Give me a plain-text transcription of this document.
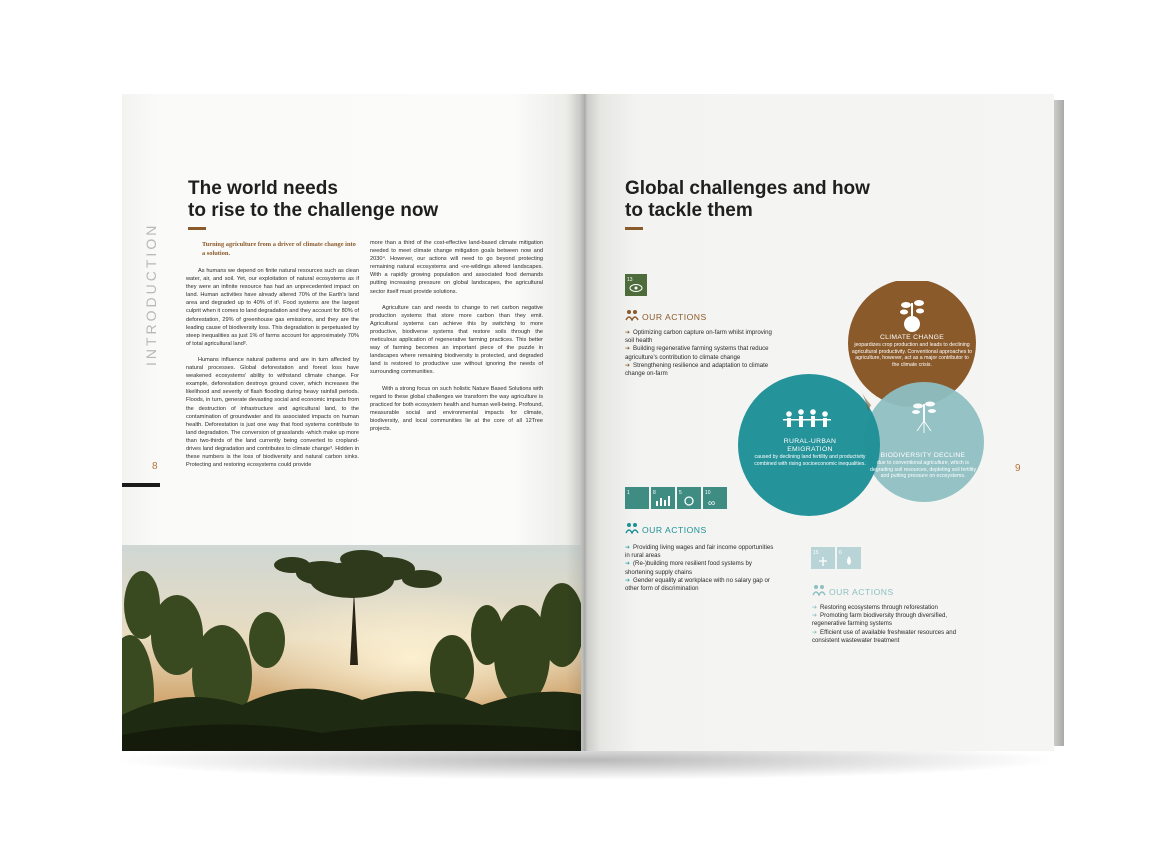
The world needs
to rise to the challenge now
INTRODUCTION
8
Turning agriculture from a driver of climate change into a solution.

As humans we depend on finite natural resources such as clean water, air, and soil. Yet, our exploitation of natural ecosystems as if they were an infinite resource has had an unprecedented impact on land. Human activities have already altered 70% of the Earth's land area and degraded up to 40% of it¹. Food systems are the largest culprit when it comes to land degradation and they account for 80% of deforestation, 29% of greenhouse gas emissions, and they are the leading cause of biodiversity loss. This degradation is perpetuated by steep inequalities as just 1% of farms account for approximately 70% of total agricultural land².

Humans influence natural patterns and are in turn affected by natural processes. Global deforestation and forest loss have weakened ecosystems' ability to withstand climate change. For example, deforestation destroys ground cover, which increases the likelihood and severity of flash flooding during heavy rainfall periods. Floods, in turn, generate devasting social and economic impacts from the destruction of infrastructure and agricultural land, to the contamination of groundwater and its associated impacts on human health. Deforestation is just one way that food systems contribute to land degradation. The conversion of grasslands -which make up more than two-thirds of the land currently being converted to cropland- drives land degradation and contributes to climate change³. Hidden in these numbers is the loss of biodiversity and natural carbon sinks. Protecting and restoring ecosystems could provide

more than a third of the cost-effective land-based climate mitigation needed to meet climate change mitigation goals between now and 2030⁴. However, our actions will need to go beyond protecting remaining natural ecosystems and «re-wildings altered landscapes. With a rapidly growing population and associated food demands putting increasing pressure on global landscapes, the agricultural sector itself must provide solutions.

Agriculture can and needs to change to net carbon negative production systems that store more carbon than they emit. Agricultural systems can achieve this by switching to more productive, biodiverse systems that restore soils through the meticulous application of regenerative farming practices. This better way of farming becomes an important piece of the puzzle in landscapes where remaining biodiversity is protected, and degraded land is restored to productive use without ignoring the needs of surrounding communities.

With a strong focus on such holistic Nature Based Solutions with regard to these global challenges we transform the way agriculture is practiced for both ecosystem health and human well-being. Profound, measurable social and environmental impacts for climate, biodiversity, and local communities lie at the core of all 12Tree projects.

Global challenges and how
to tackle them
9
13
OUR ACTIONS
➔ Optimizing carbon capture on-farm whilst improving soil health
➔ Building regenerative farming systems that reduce agriculture's contribution to climate change
➔ Strengthening resilience and adaptation to climate change on-farm
CLIMATE CHANGE
jeopardizes crop production and leads to declining agricultural productivity. Conventional approaches to agriculture, however, act as a major contributor to the climate crisis.
RURAL-URBAN EMIGRATION
caused by declining land fertility and productivity combined with rising socioeconomic inequalities.
BIODIVERSITY DECLINE
due to conventional agriculture, which is degrading soil resources, depleting soil fertility and putting pressure on ecosystems.
1	8	5	10
∞
OUR ACTIONS
➔ Providing living wages and fair income opportunities in rural areas
➔ (Re-)building more resilient food systems by shortening supply chains
➔ Gender equality at workplace with no salary gap or other form of discrimination
15	6
OUR ACTIONS
➔ Restoring ecosystems through reforestation
➔ Promoting farm biodiversity through diversified, regenerative farming systems
➔ Efficient use of available freshwater resources and consistent wastewater treatment
